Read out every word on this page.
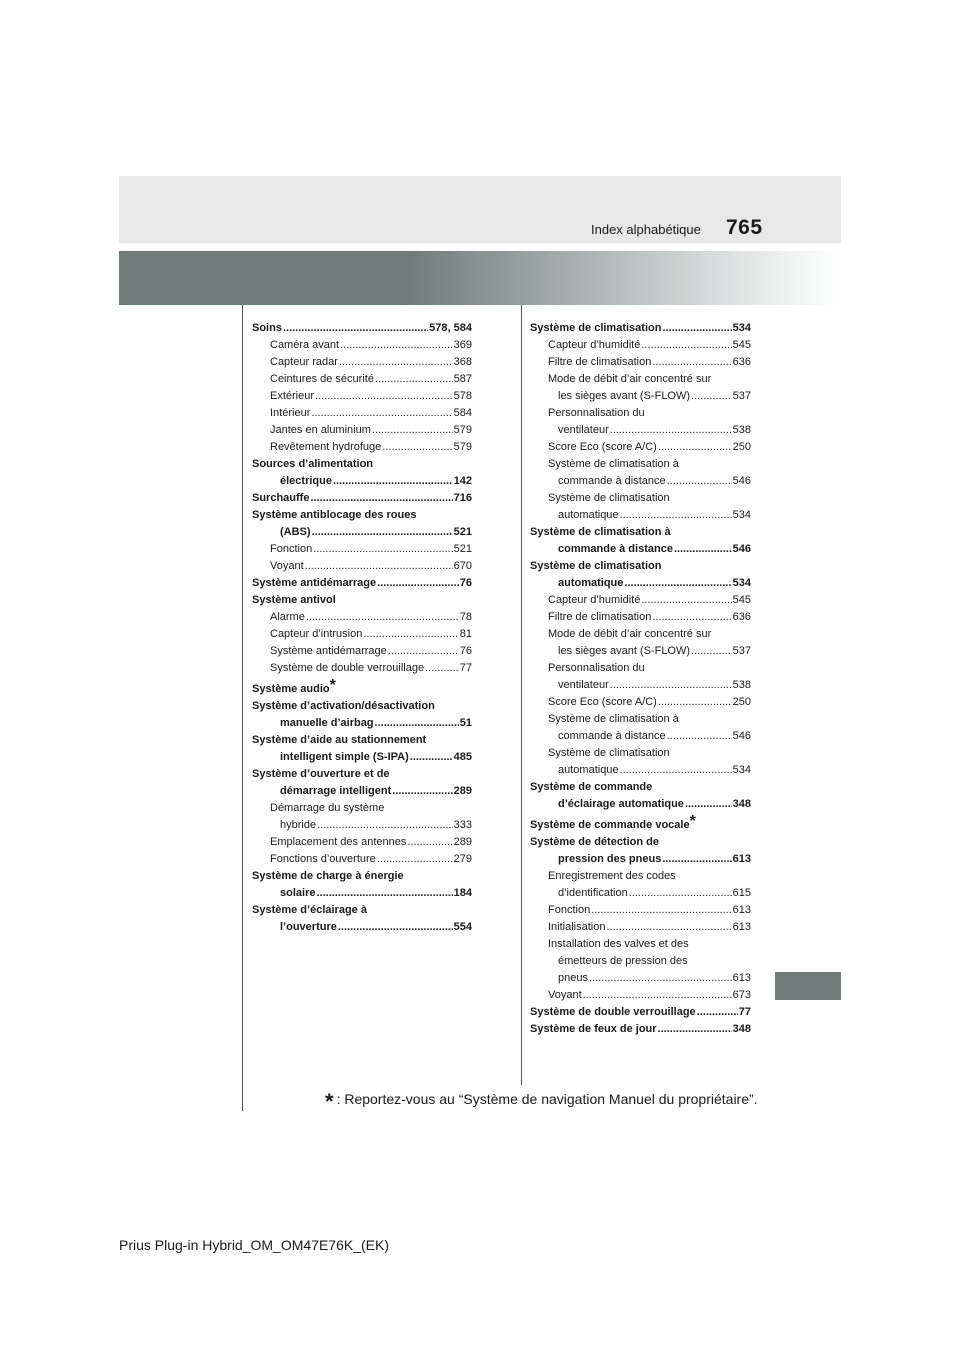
Index alphabétique 765
Soins .....	578, 584
Caméra avant .....	369
Capteur radar .....	368
Ceintures de sécurité .....	587
Extérieur .....	578
Intérieur .....	584
Jantes en aluminium .....	579
Revêtement hydrofuge .....	579
Sources d’alimentation
électrique .....	142
Surchauffe .....	716
Système antiblocage des roues
(ABS) .....	521
Fonction .....	521
Voyant .....	670
Système antidémarrage .....	76
Système antivol
Alarme .....	78
Capteur d’intrusion .....	81
Système antidémarrage .....	76
Système de double verrouillage .....	77
Système audio*
Système d’activation/désactivation
manuelle d’airbag .....	51
Système d’aide au stationnement
intelligent simple (S-IPA) .....	485
Système d’ouverture et de
démarrage intelligent .....	289
Démarrage du système
hybride .....	333
Emplacement des antennes .....	289
Fonctions d’ouverture .....	279
Système de charge à énergie
solaire .....	184
Système d’éclairage à
l’ouverture .....	554
Système de climatisation .....	534
Capteur d’humidité .....	545
Filtre de climatisation .....	636
Mode de débit d’air concentré sur
les sièges avant (S-FLOW) .....	537
Personnalisation du
ventilateur .....	538
Score Eco (score A/C) .....	250
Système de climatisation à
commande à distance .....	546
Système de climatisation
automatique .....	534
Système de climatisation à
commande à distance .....	546
Système de climatisation
automatique .....	534
Capteur d’humidité .....	545
Filtre de climatisation .....	636
Mode de débit d’air concentré sur
les sièges avant (S-FLOW) .....	537
Personnalisation du
ventilateur .....	538
Score Eco (score A/C) .....	250
Système de climatisation à
commande à distance .....	546
Système de climatisation
automatique .....	534
Système de commande
d’éclairage automatique .....	348
Système de commande vocale*
Système de détection de
pression des pneus .....	613
Enregistrement des codes
d’identification .....	615
Fonction .....	613
Initialisation .....	613
Installation des valves et des
émetteurs de pression des
pneus .....	613
Voyant .....	673
Système de double verrouillage .....	77
Système de feux de jour .....	348
* : Reportez-vous au “Système de navigation Manuel du propriétaire”.
Prius Plug-in Hybrid_OM_OM47E76K_(EK)
